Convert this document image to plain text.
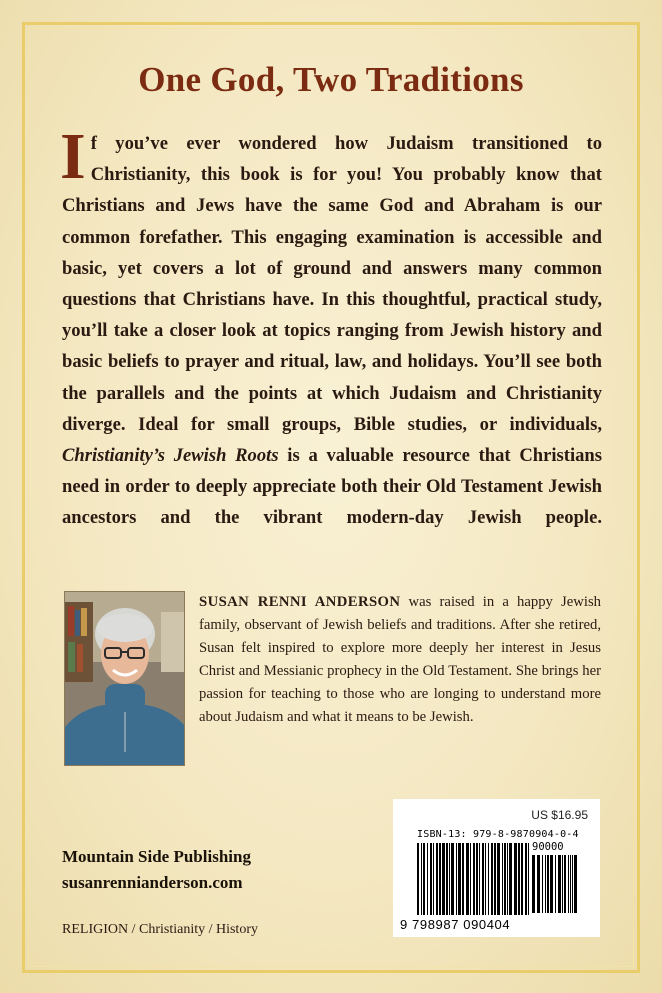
One God, Two Traditions
If you’ve ever wondered how Judaism transitioned to Christianity, this book is for you! You probably know that Christians and Jews have the same God and Abraham is our common forefather. This engaging examination is accessible and basic, yet covers a lot of ground and answers many common questions that Christians have. In this thoughtful, practical study, you’ll take a closer look at topics ranging from Jewish history and basic beliefs to prayer and ritual, law, and holidays. You’ll see both the parallels and the points at which Judaism and Christianity diverge. Ideal for small groups, Bible studies, or individuals, Christianity’s Jewish Roots is a valuable resource that Christians need in order to deeply appreciate both their Old Testament Jewish ancestors and the vibrant modern-day Jewish people.
SUSAN RENNI ANDERSON was raised in a happy Jewish family, observant of Jewish beliefs and traditions. After she retired, Susan felt inspired to explore more deeply her interest in Jesus Christ and Messianic prophecy in the Old Testament. She brings her passion for teaching to those who are longing to understand more about Judaism and what it means to be Jewish.
Mountain Side Publishing
susanrennianderson.com
RELIGION / Christianity / History
US $16.95
ISBN-13: 979-8-9870904-0-4
90000
9 798987 090404
